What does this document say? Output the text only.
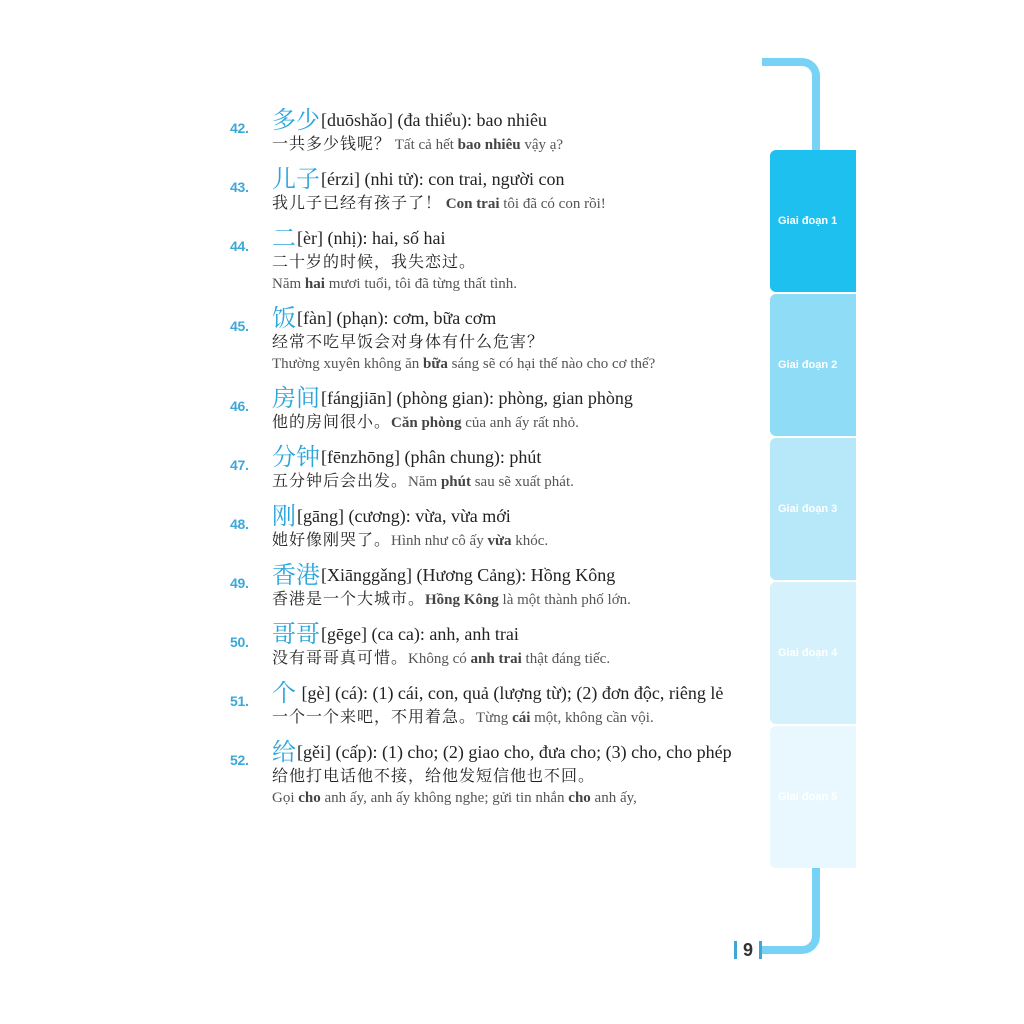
Giai đoạn 1
Giai đoạn 2
Giai đoạn 3
Giai đoạn 4
Giai đoạn 5
42. 多少[duōshǎo] (đa thiểu): bao nhiêu
一共多少钱呢？ Tất cả hết bao nhiêu vậy ạ?
43. 儿子[érzi] (nhi tử): con trai, người con
我儿子已经有孩子了！ Con trai tôi đã có con rồi!
44. 二[èr] (nhị): hai, số hai
二十岁的时候，我失恋过。
Năm hai mươi tuổi, tôi đã từng thất tình.
45. 饭[fàn] (phạn): cơm, bữa cơm
经常不吃早饭会对身体有什么危害？
Thường xuyên không ăn bữa sáng sẽ có hại thế nào cho cơ thể?
46. 房间[fángjiān] (phòng gian): phòng, gian phòng
他的房间很小。Căn phòng của anh ấy rất nhỏ.
47. 分钟[fēnzhōng] (phân chung): phút
五分钟后会出发。Năm phút sau sẽ xuất phát.
48. 刚[gāng] (cương): vừa, vừa mới
她好像刚哭了。Hình như cô ấy vừa khóc.
49. 香港[Xiānggǎng] (Hương Cảng): Hồng Kông
香港是一个大城市。Hồng Kông là một thành phố lớn.
50. 哥哥[gēge] (ca ca): anh, anh trai
没有哥哥真可惜。Không có anh trai thật đáng tiếc.
51. 个 [gè] (cá): (1) cái, con, quả (lượng từ); (2) đơn độc, riêng lẻ
一个一个来吧，不用着急。Từng cái một, không cần vội.
52. 给[gěi] (cấp): (1) cho; (2) giao cho, đưa cho; (3) cho, cho phép
给他打电话他不接，给他发短信他也不回。
Gọi cho anh ấy, anh ấy không nghe; gửi tin nhắn cho anh ấy,
9
